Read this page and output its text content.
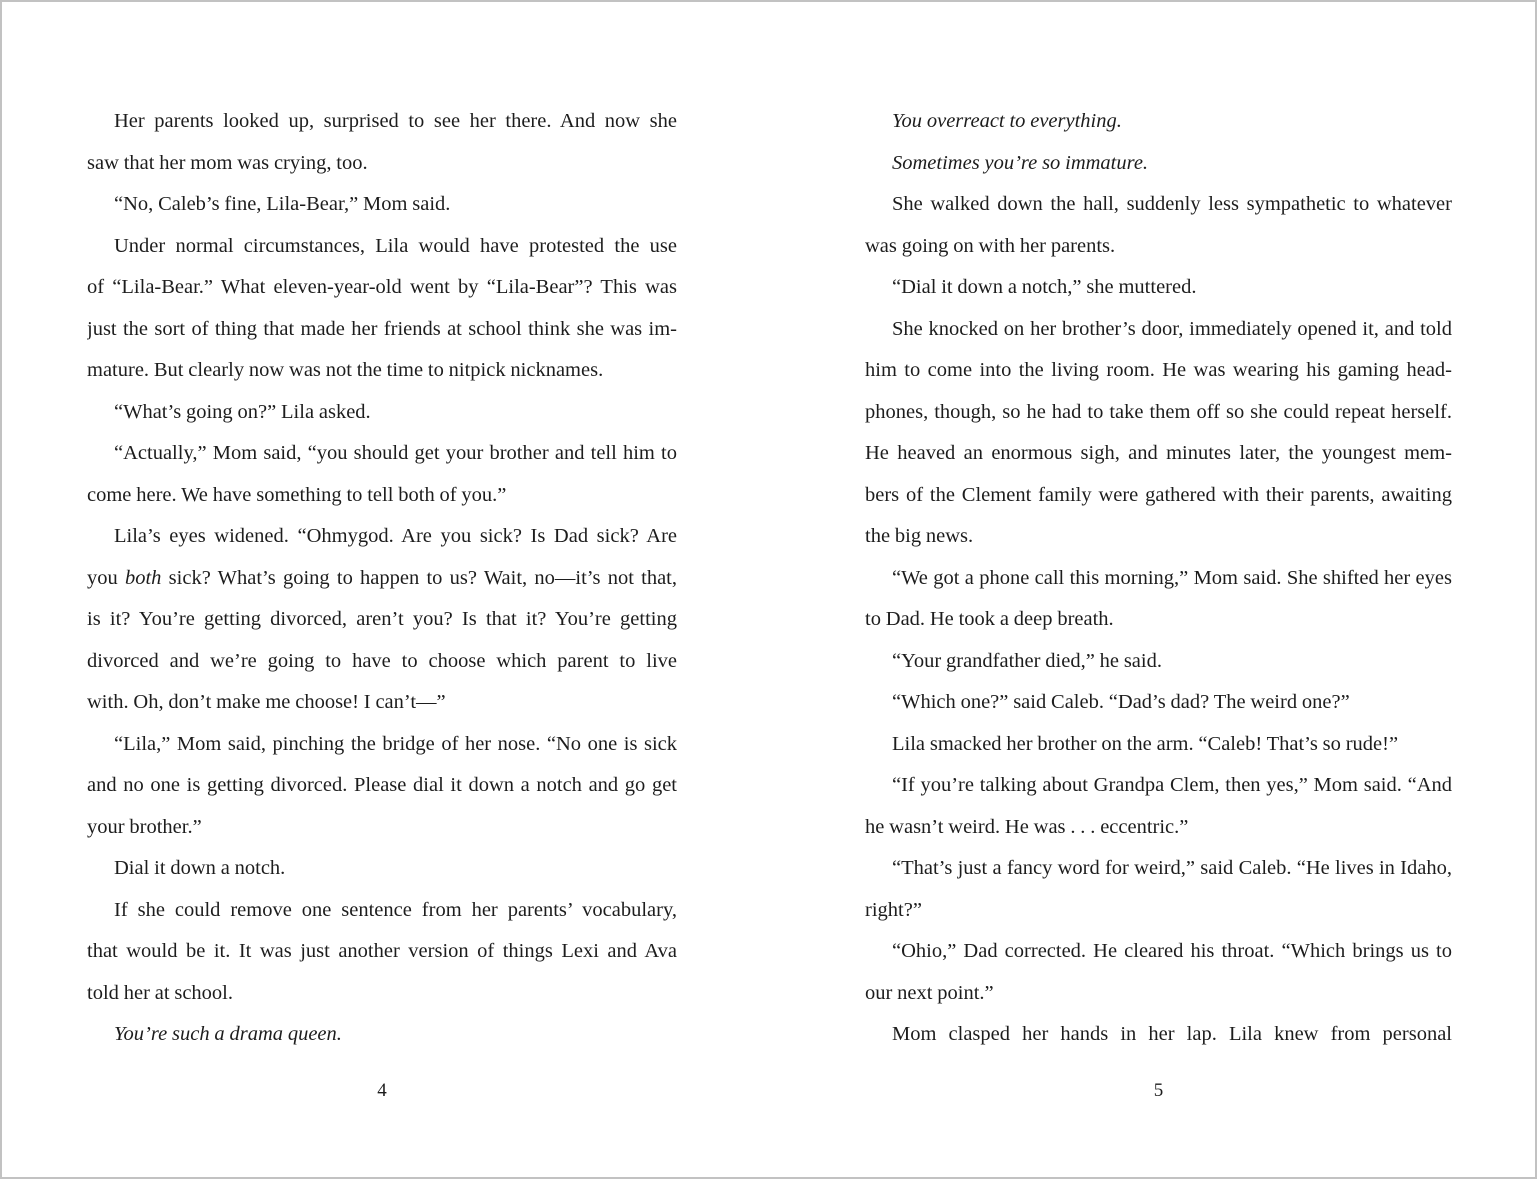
Her parents looked up, surprised to see her there. And now she
saw that her mom was crying, too.
“No, Caleb’s fine, Lila-Bear,” Mom said.
Under normal circumstances, Lila would have protested the use
of “Lila-Bear.” What eleven-year-old went by “Lila-Bear”? This was
just the sort of thing that made her friends at school think she was im-
mature. But clearly now was not the time to nitpick nicknames.
“What’s going on?” Lila asked.
“Actually,” Mom said, “you should get your brother and tell him to
come here. We have something to tell both of you.”
Lila’s eyes widened. “Ohmygod. Are you sick? Is Dad sick? Are
you both sick? What’s going to happen to us? Wait, no—it’s not that,
is it? You’re getting divorced, aren’t you? Is that it? You’re getting
divorced and we’re going to have to choose which parent to live
with. Oh, don’t make me choose! I can’t—”
“Lila,” Mom said, pinching the bridge of her nose. “No one is sick
and no one is getting divorced. Please dial it down a notch and go get
your brother.”
Dial it down a notch.
If she could remove one sentence from her parents’ vocabulary,
that would be it. It was just another version of things Lexi and Ava
told her at school.
You’re such a drama queen.
You overreact to everything.
Sometimes you’re so immature.
She walked down the hall, suddenly less sympathetic to whatever
was going on with her parents.
“Dial it down a notch,” she muttered.
She knocked on her brother’s door, immediately opened it, and told
him to come into the living room. He was wearing his gaming head-
phones, though, so he had to take them off so she could repeat herself.
He heaved an enormous sigh, and minutes later, the youngest mem-
bers of the Clement family were gathered with their parents, awaiting
the big news.
“We got a phone call this morning,” Mom said. She shifted her eyes
to Dad. He took a deep breath.
“Your grandfather died,” he said.
“Which one?” said Caleb. “Dad’s dad? The weird one?”
Lila smacked her brother on the arm. “Caleb! That’s so rude!”
“If you’re talking about Grandpa Clem, then yes,” Mom said. “And
he wasn’t weird. He was . . . eccentric.”
“That’s just a fancy word for weird,” said Caleb. “He lives in Idaho,
right?”
“Ohio,” Dad corrected. He cleared his throat. “Which brings us to
our next point.”
Mom clasped her hands in her lap. Lila knew from personal
4	5
